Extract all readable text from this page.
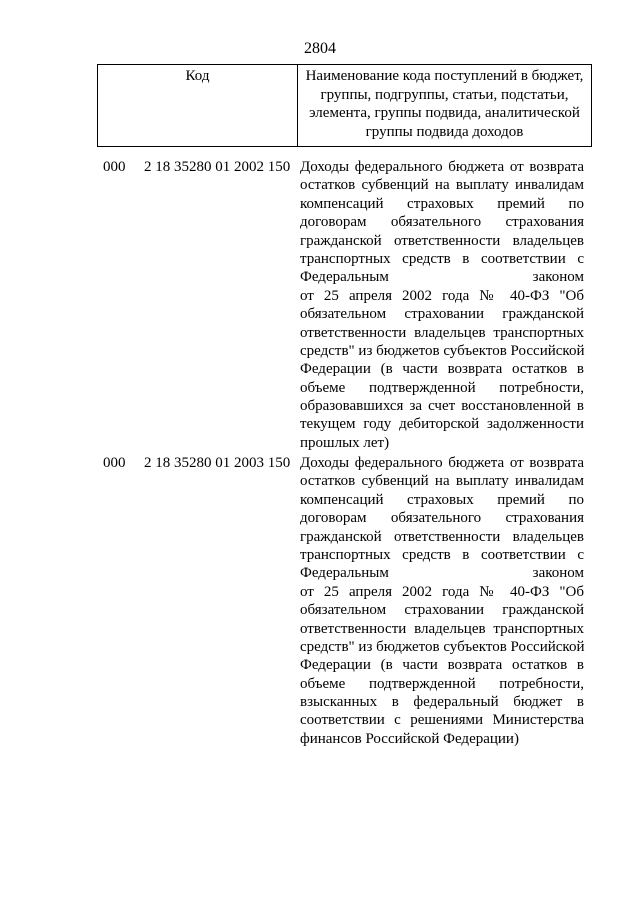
2804
Код	Наименование кода поступлений в бюджет,
группы, подгруппы, статьи, подстатьи,
элемента, группы подвида, аналитической
группы подвида доходов
000 2 18 35280 01 2002 150 Доходы федерального бюджета от возврата
остатков субвенций на выплату инвалидам
компенсаций страховых премий по
договорам обязательного страхования
гражданской ответственности владельцев
транспортных средств в соответствии с
Федеральным законом
от 25 апреля 2002 года № 40-ФЗ "Об
обязательном страховании гражданской
ответственности владельцев транспортных
средств" из бюджетов субъектов Российской
Федерации (в части возврата остатков в
объеме подтвержденной потребности,
образовавшихся за счет восстановленной в
текущем году дебиторской задолженности
прошлых лет)
000 2 18 35280 01 2003 150 Доходы федерального бюджета от возврата
остатков субвенций на выплату инвалидам
компенсаций страховых премий по
договорам обязательного страхования
гражданской ответственности владельцев
транспортных средств в соответствии с
Федеральным законом
от 25 апреля 2002 года № 40-ФЗ "Об
обязательном страховании гражданской
ответственности владельцев транспортных
средств" из бюджетов субъектов Российской
Федерации (в части возврата остатков в
объеме подтвержденной потребности,
взысканных в федеральный бюджет в
соответствии с решениями Министерства
финансов Российской Федерации)
